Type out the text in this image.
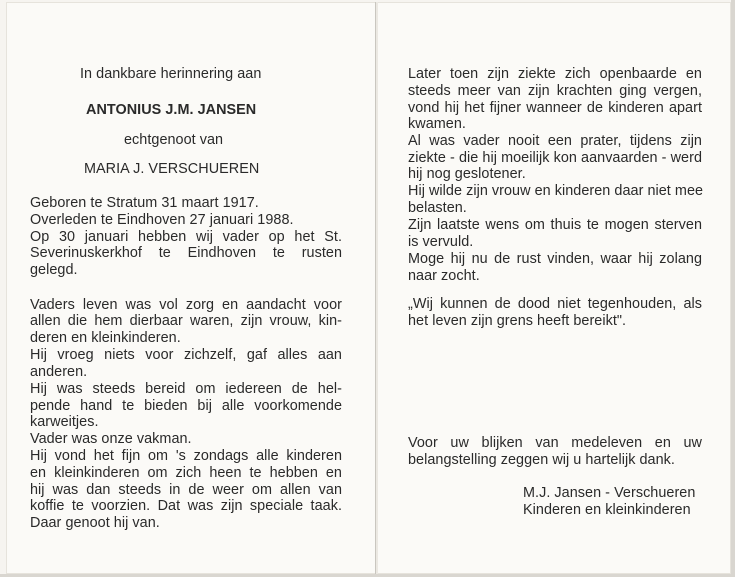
In dankbare herinnering aan
ANTONIUS J.M. JANSEN
echtgenoot van
MARIA J. VERSCHUEREN
Geboren te Stratum 31 maart 1917.
Overleden te Eindhoven 27 januari 1988.
Op 30 januari hebben wij vader op het St.
Severinuskerkhof te Eindhoven te rusten
gelegd.
Vaders leven was vol zorg en aandacht voor
allen die hem dierbaar waren, zijn vrouw, kin-
deren en kleinkinderen.
Hij vroeg niets voor zichzelf, gaf alles aan
anderen.
Hij was steeds bereid om iedereen de hel-
pende hand te bieden bij alle voorkomende
karweitjes.
Vader was onze vakman.
Hij vond het fijn om 's zondags alle kinderen
en kleinkinderen om zich heen te hebben en
hij was dan steeds in de weer om allen van
koffie te voorzien. Dat was zijn speciale taak.
Daar genoot hij van.
Later toen zijn ziekte zich openbaarde en
steeds meer van zijn krachten ging vergen,
vond hij het fijner wanneer de kinderen apart
kwamen.
Al was vader nooit een prater, tijdens zijn
ziekte - die hij moeilijk kon aanvaarden - werd
hij nog geslotener.
Hij wilde zijn vrouw en kinderen daar niet mee
belasten.
Zijn laatste wens om thuis te mogen sterven
is vervuld.
Moge hij nu de rust vinden, waar hij zolang
naar zocht.
„Wij kunnen de dood niet tegenhouden, als
het leven zijn grens heeft bereikt".
Voor uw blijken van medeleven en uw
belangstelling zeggen wij u hartelijk dank.
M.J. Jansen - Verschueren
Kinderen en kleinkinderen
